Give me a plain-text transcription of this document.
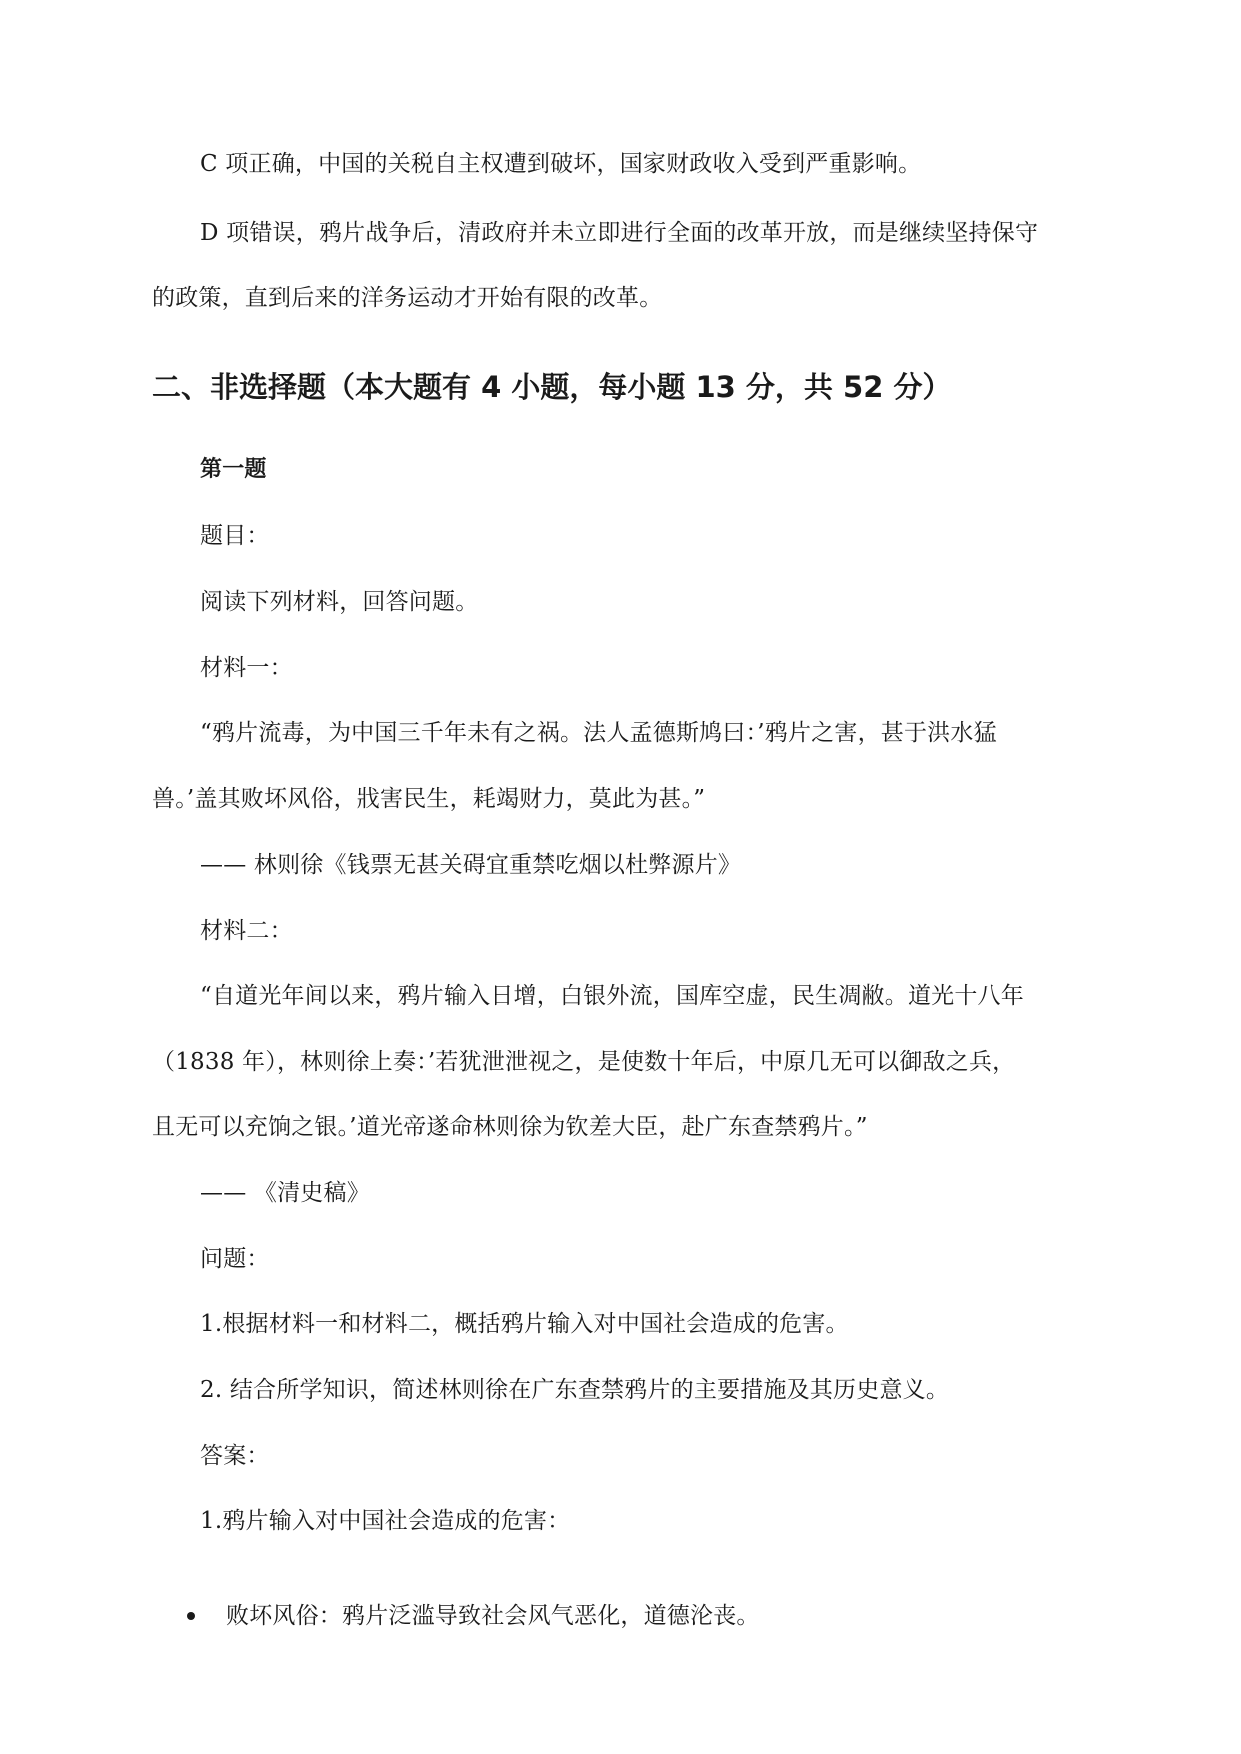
C 项正确，中国的关税自主权遭到破坏，国家财政收入受到严重影响。
D 项错误，鸦片战争后，清政府并未立即进行全面的改革开放，而是继续坚持保守
的政策，直到后来的洋务运动才开始有限的改革。
二、非选择题（本大题有 4 小题，每小题 13 分，共 52 分）
第一题
题目：
阅读下列材料，回答问题。
材料一：
“鸦片流毒，为中国三千年未有之祸。法人孟德斯鸠曰：’鸦片之害，甚于洪水猛
兽。’盖其败坏风俗，戕害民生，耗竭财力，莫此为甚。”
—— 林则徐《钱票无甚关碍宜重禁吃烟以杜弊源片》
材料二：
“自道光年间以来，鸦片输入日增，白银外流，国库空虚，民生凋敝。道光十八年
（1838 年），林则徐上奏：’若犹泄泄视之，是使数十年后，中原几无可以御敌之兵，
且无可以充饷之银。’道光帝遂命林则徐为钦差大臣，赴广东查禁鸦片。”
—— 《清史稿》
问题：
1.根据材料一和材料二，概括鸦片输入对中国社会造成的危害。
2. 结合所学知识，简述林则徐在广东查禁鸦片的主要措施及其历史意义。
答案：
1.鸦片输入对中国社会造成的危害：
败坏风俗：鸦片泛滥导致社会风气恶化，道德沦丧。
